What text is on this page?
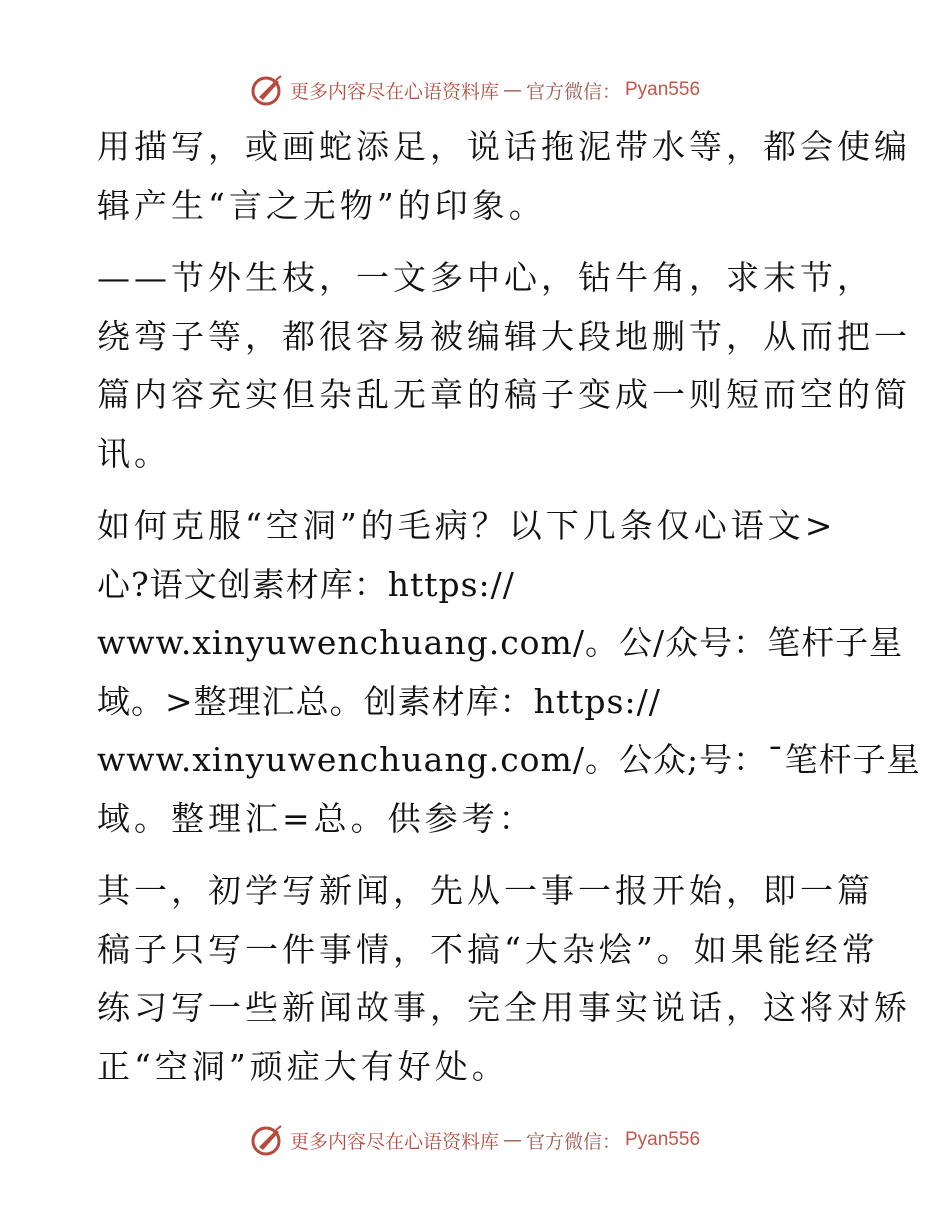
更多内容尽在心语资料库 — 官方微信： Pyan556
用描写，或画蛇添足，说话拖泥带水等，都会使编
辑产生“言之无物”的印象。
——节外生枝，一文多中心，钻牛角，求末节，
绕弯子等，都很容易被编辑大段地删节，从而把一
篇内容充实但杂乱无章的稿子变成一则短而空的简
讯。
如何克服“空洞”的毛病？以下几条仅心语文>
心?语文创素材库：https://
www.xinyuwenchuang.com/。公/众号：笔杆子星
域。>整理汇总。创素材库：https://
www.xinyuwenchuang.com/。公众;号：¯笔杆子星
域。整理汇=总。供参考：
其一，初学写新闻，先从一事一报开始，即一篇
稿子只写一件事情，不搞“大杂烩”。如果能经常
练习写一些新闻故事，完全用事实说话，这将对矫
正“空洞”顽症大有好处。
更多内容尽在心语资料库 — 官方微信： Pyan556
